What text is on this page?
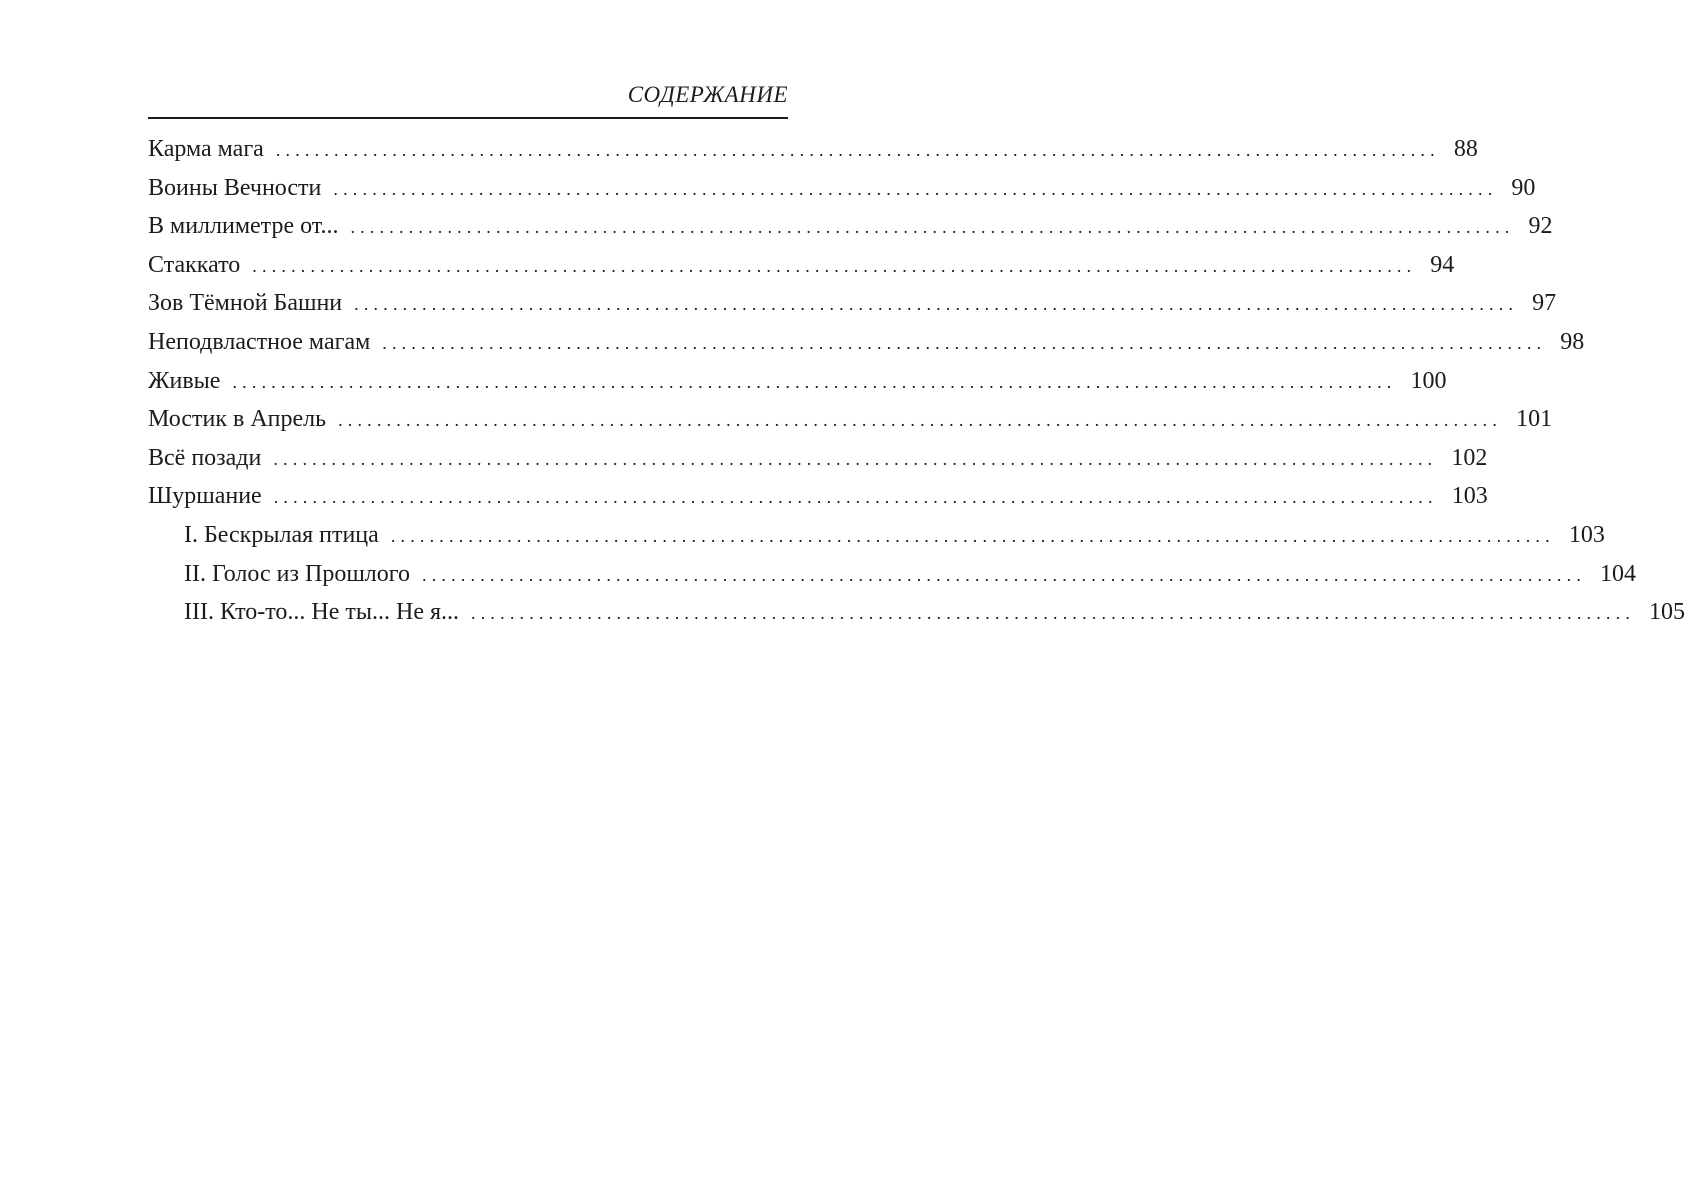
СОДЕРЖАНИЕ
Карма мага ........................................................................................................................ 88
Воины Вечности ........................................................................................................................ 90
В миллиметре от... ........................................................................................................................ 92
Стаккато ........................................................................................................................ 94
Зов Тёмной Башни ........................................................................................................................ 97
Неподвластное магам ........................................................................................................................ 98
Живые ........................................................................................................................ 100
Мостик в Апрель ........................................................................................................................ 101
Всё позади ........................................................................................................................ 102
Шуршание ........................................................................................................................ 103
I. Бескрылая птица ........................................................................................................................ 103
II. Голос из Прошлого ........................................................................................................................ 104
III. Кто-то... Не ты... Не я... ........................................................................................................................ 105
